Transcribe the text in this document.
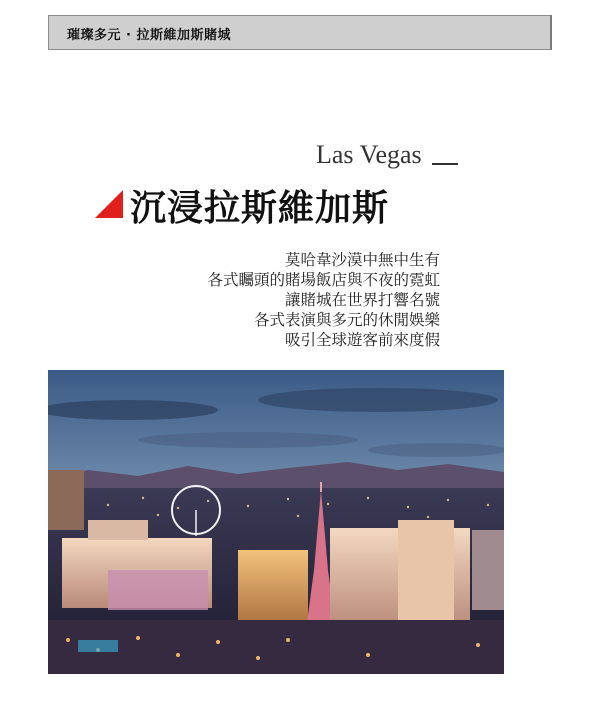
璀璨多元 · 拉斯維加斯賭城
Las Vegas
沉浸拉斯維加斯
莫哈韋沙漠中無中生有
各式矚頭的賭場飯店與不夜的霓虹
讓賭城在世界打響名號
各式表演與多元的休閒娛樂
吸引全球遊客前來度假
